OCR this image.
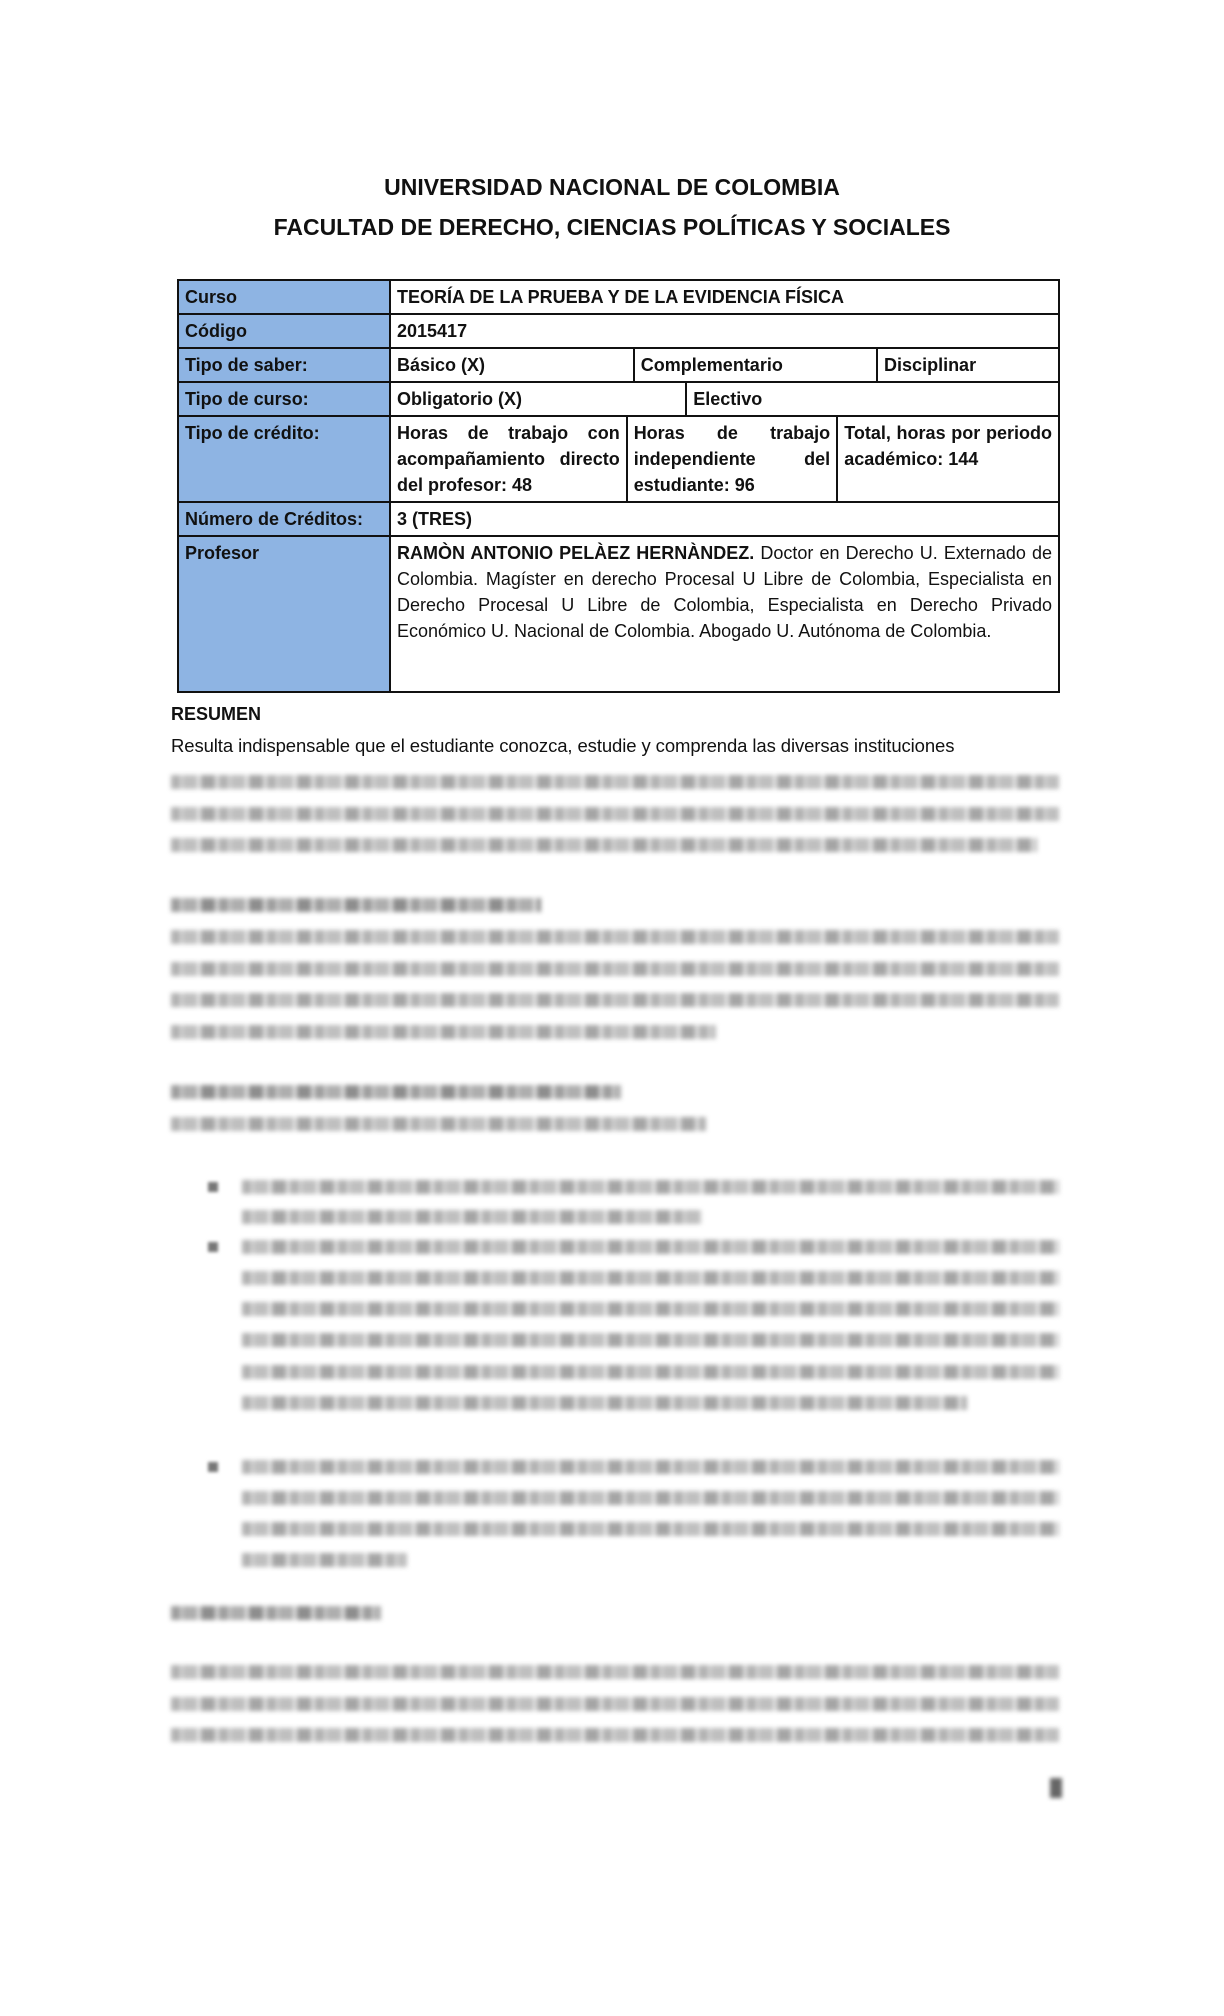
UNIVERSIDAD NACIONAL DE COLOMBIA
FACULTAD DE DERECHO, CIENCIAS POLÍTICAS Y SOCIALES
Curso	TEORÍA DE LA PRUEBA Y DE LA EVIDENCIA FÍSICA
Código	2015417
Tipo de saber:		Básico (X)	Complementario	Disciplinar

Tipo de curso:		Obligatorio (X)	Electivo

Tipo de crédito:		Horas de trabajo con acompañamiento directo del profesor: 48	Horas de trabajo independiente del estudiante: 96	Total, horas por periodo académico: 144

Número de Créditos:	3 (TRES)
Profesor	RAMÒN ANTONIO PELÀEZ HERNÀNDEZ. Doctor en Derecho U. Externado de Colombia. Magíster en derecho Procesal U Libre de Colombia, Especialista en Derecho Procesal U Libre de Colombia, Especialista en Derecho Privado Económico U. Nacional de Colombia. Abogado U. Autónoma de Colombia.
RESUMEN
Resulta indispensable que el estudiante conozca, estudie y comprenda las diversas instituciones
